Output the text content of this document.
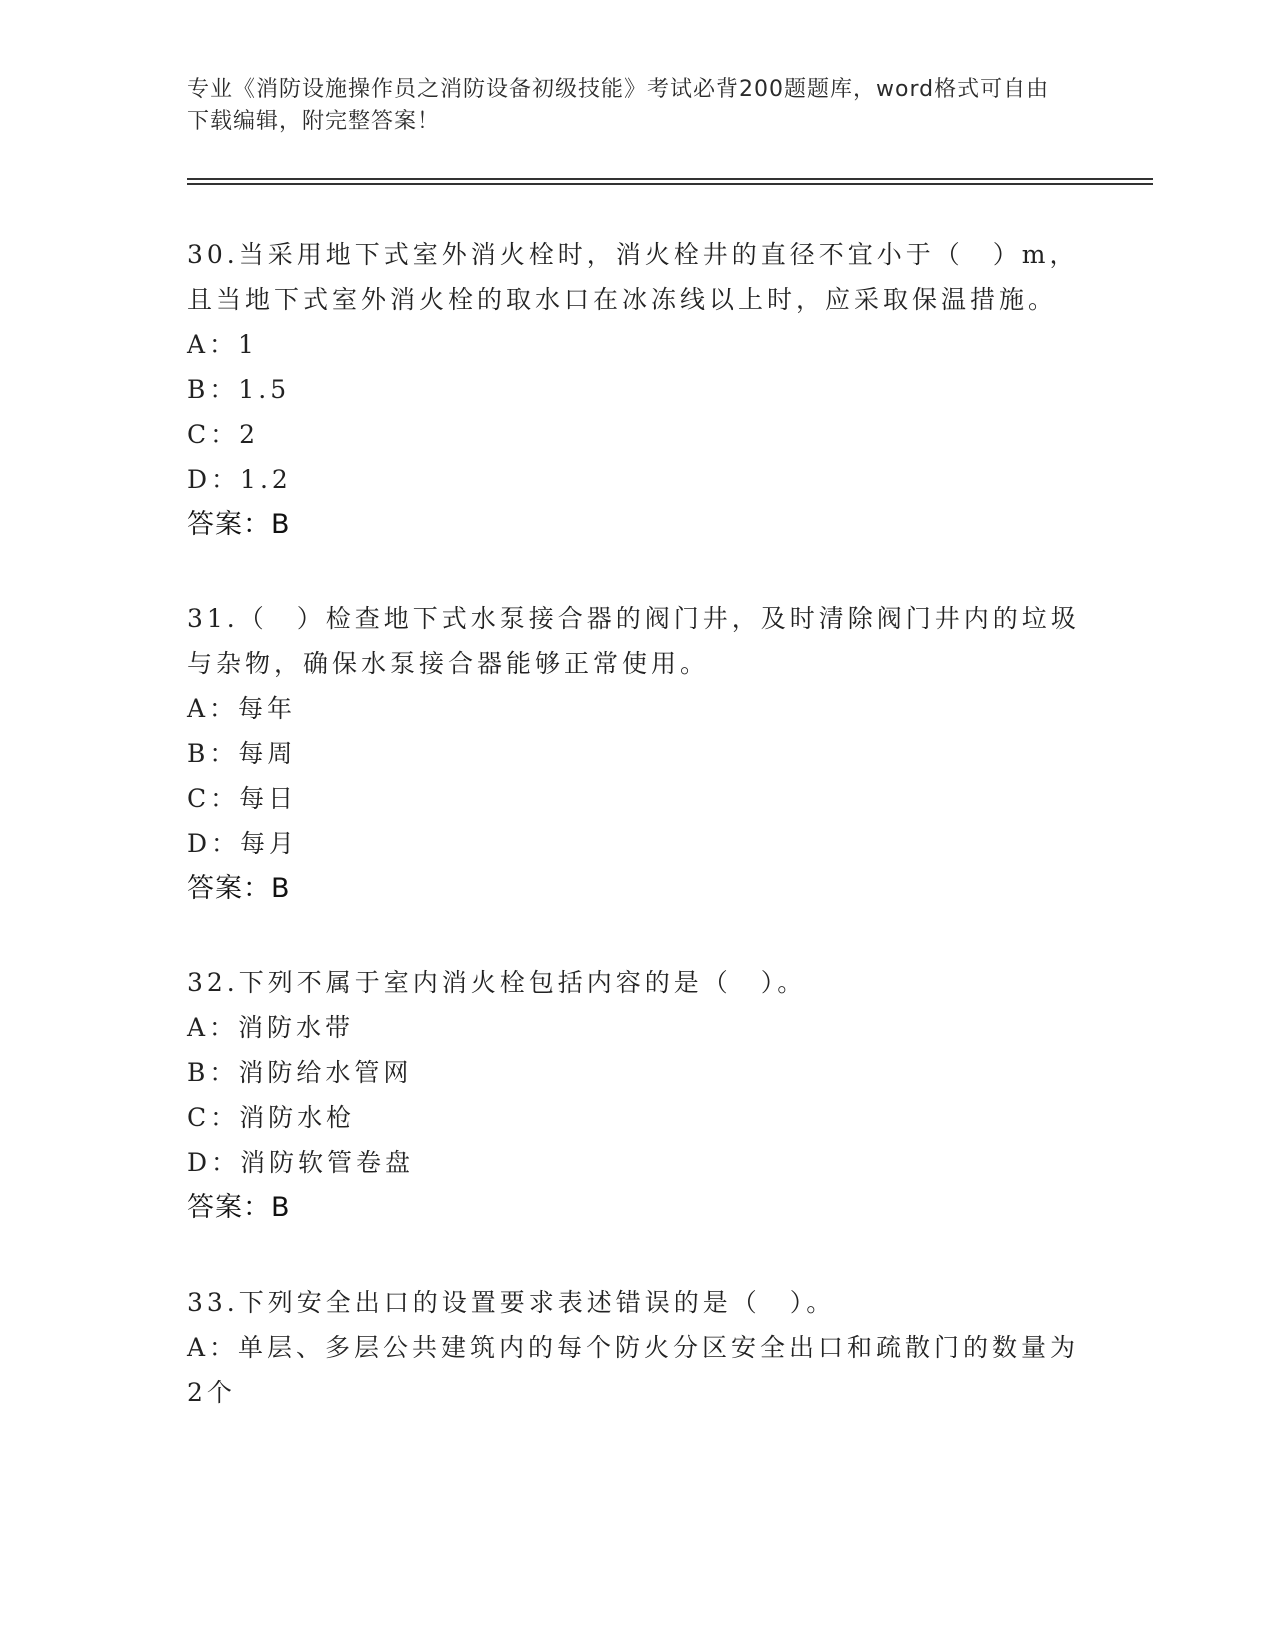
专业《消防设施操作员之消防设备初级技能》考试必背200题题库，word格式可自由下载编辑，附完整答案！
30.当采用地下式室外消火栓时，消火栓井的直径不宜小于（　）m，且当地下式室外消火栓的取水口在冰冻线以上时，应采取保温措施。
A：1
B：1.5
C：2
D：1.2
答案：B
31.（　）检查地下式水泵接合器的阀门井，及时清除阀门井内的垃圾与杂物，确保水泵接合器能够正常使用。
A：每年
B：每周
C：每日
D：每月
答案：B
32.下列不属于室内消火栓包括内容的是（　）。
A：消防水带
B：消防给水管网
C：消防水枪
D：消防软管卷盘
答案：B
33.下列安全出口的设置要求表述错误的是（　）。
A：单层、多层公共建筑内的每个防火分区安全出口和疏散门的数量为2个
